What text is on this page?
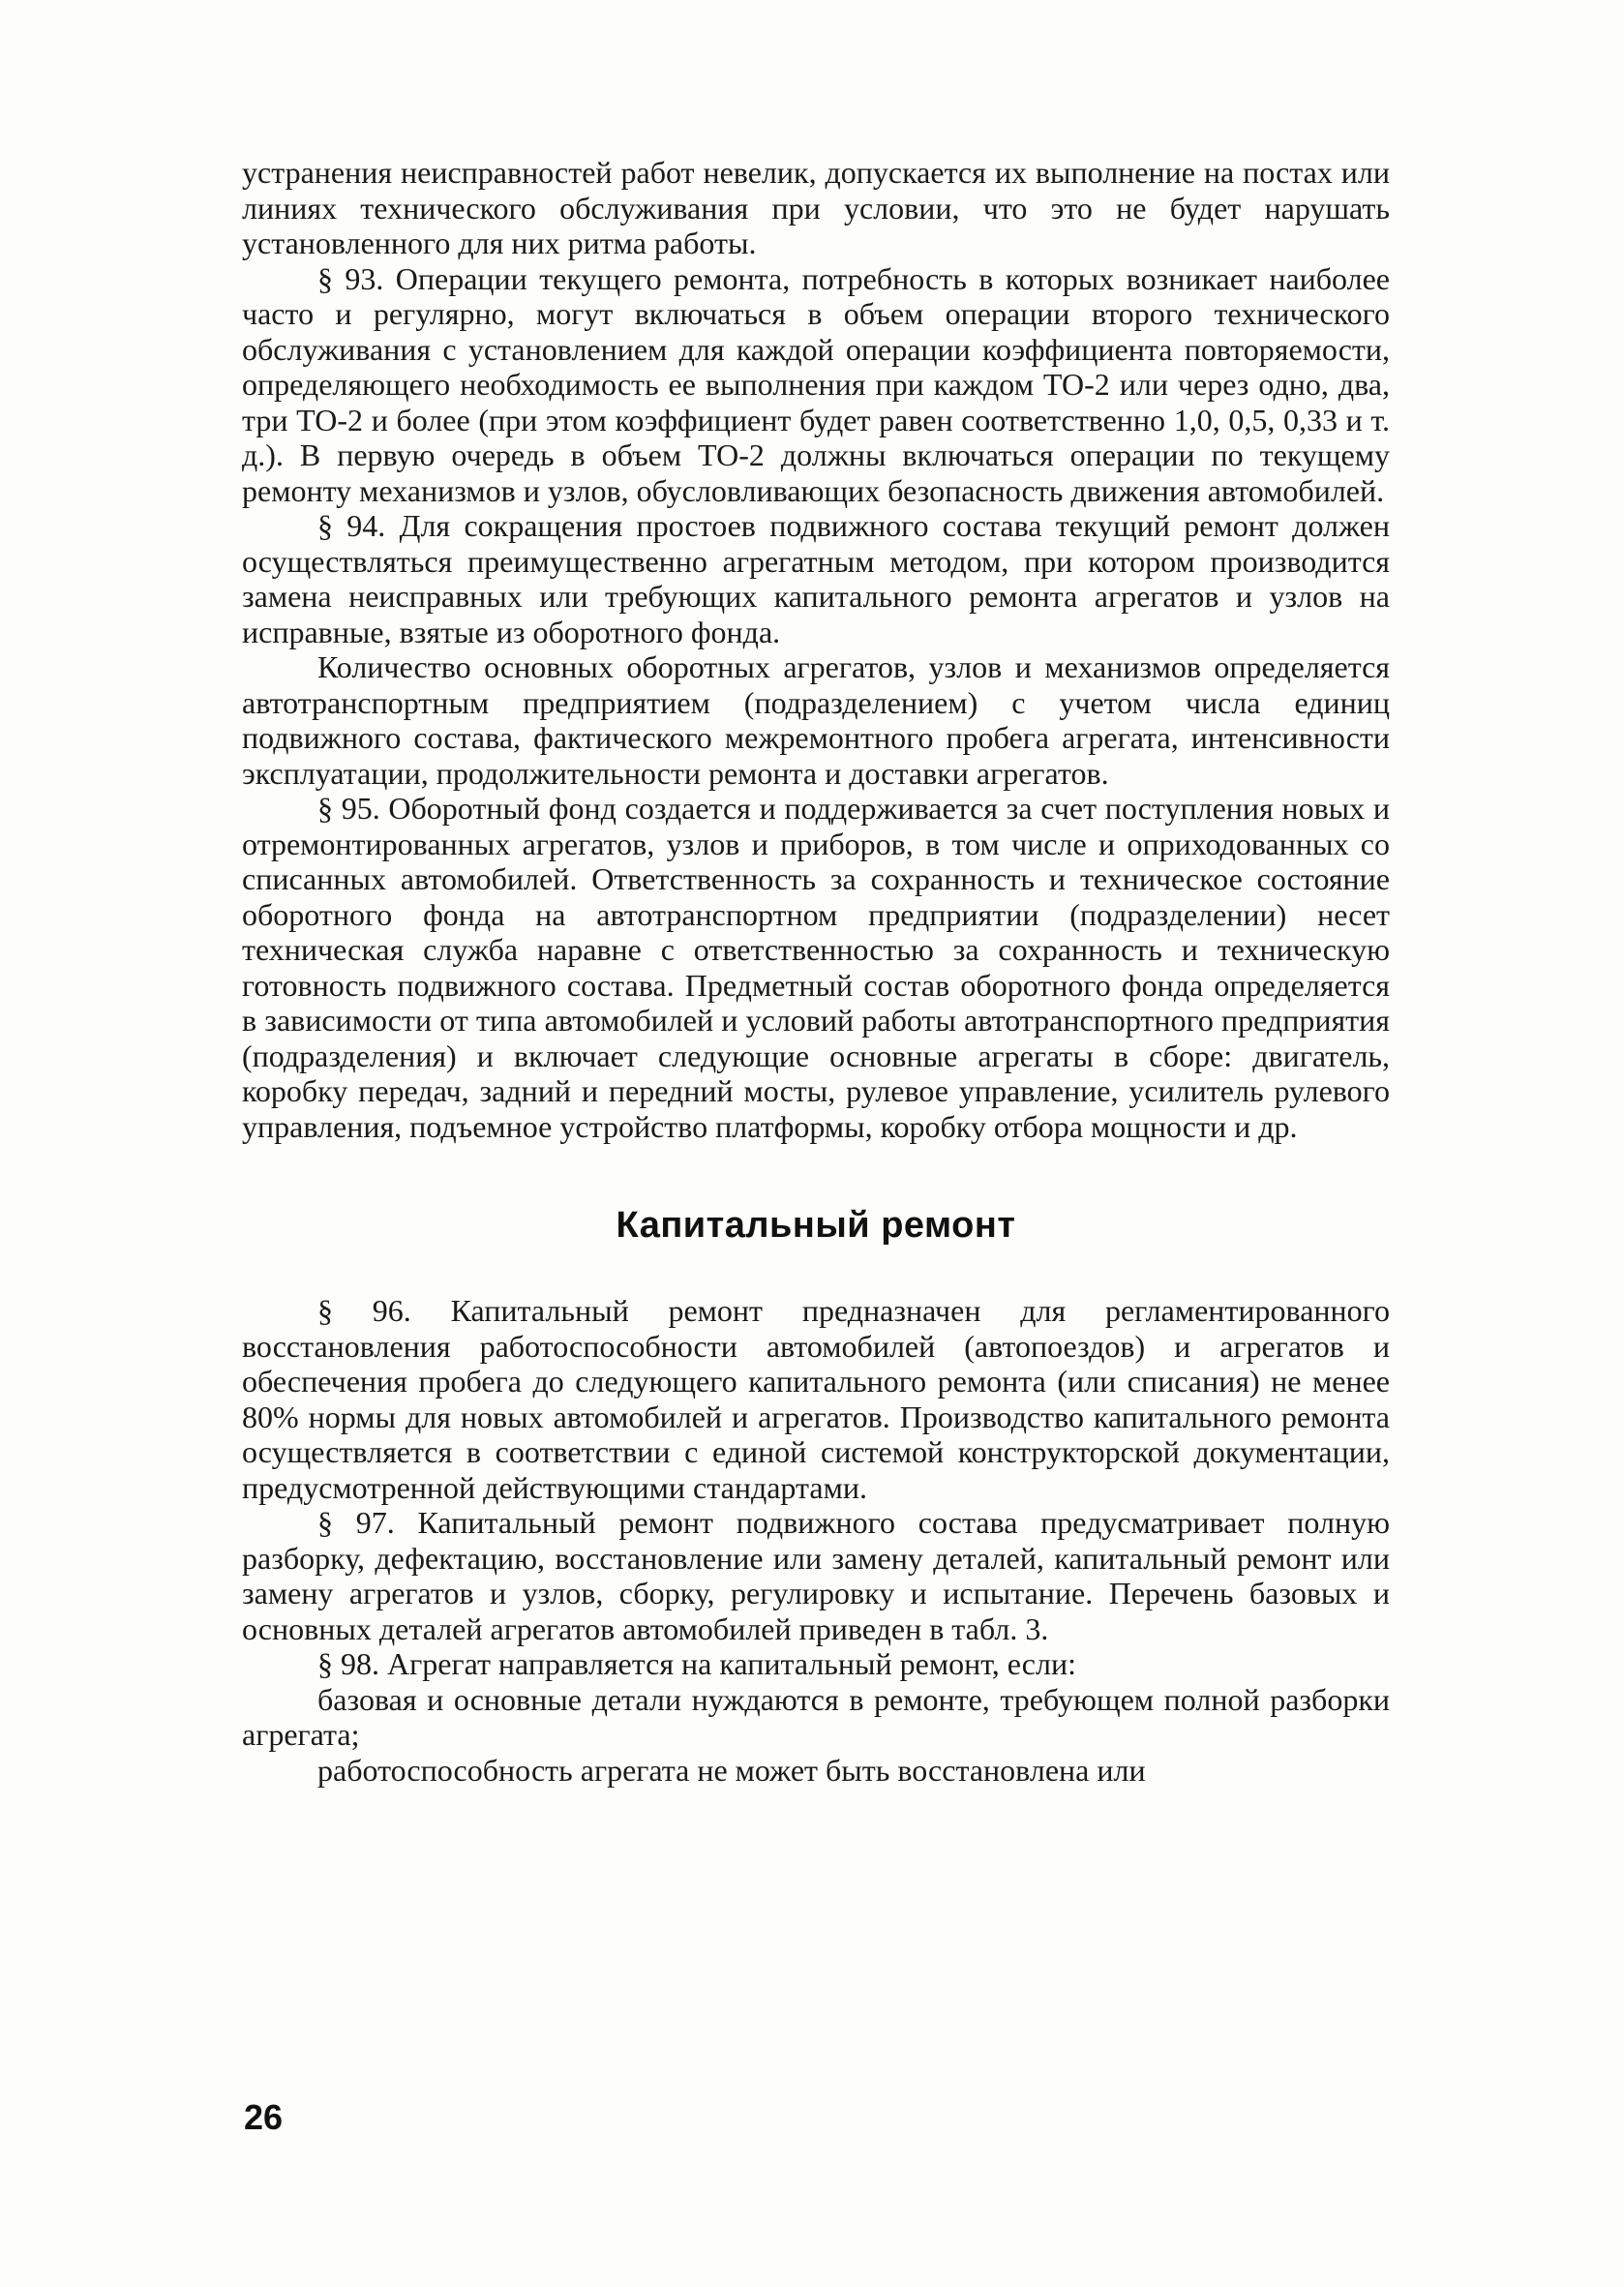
устранения неисправностей работ невелик, допускается их выполнение на постах или линиях технического обслуживания при условии, что это не будет нарушать установленного для них ритма работы.

§ 93. Операции текущего ремонта, потребность в которых возникает наиболее часто и регулярно, могут включаться в объем операции второго технического обслуживания с установлением для каждой операции коэффициента повторяемости, определяющего необходимость ее выполнения при каждом ТО-2 или через одно, два, три ТО-2 и более (при этом коэффициент будет равен соответственно 1,0, 0,5, 0,33 и т. д.). В первую очередь в объем ТО-2 должны включаться операции по текущему ремонту механизмов и узлов, обусловливающих безопасность движения автомобилей.

§ 94. Для сокращения простоев подвижного состава текущий ремонт должен осуществляться преимущественно агрегатным методом, при котором производится замена неисправных или требующих капитального ремонта агрегатов и узлов на исправные, взятые из оборотного фонда.

Количество основных оборотных агрегатов, узлов и механизмов определяется автотранспортным предприятием (подразделением) с учетом числа единиц подвижного состава, фактического межремонтного пробега агрегата, интенсивности эксплуатации, продолжительности ремонта и доставки агрегатов.

§ 95. Оборотный фонд создается и поддерживается за счет поступления новых и отремонтированных агрегатов, узлов и приборов, в том числе и оприходованных со списанных автомобилей. Ответственность за сохранность и техническое состояние оборотного фонда на автотранспортном предприятии (подразделении) несет техническая служба наравне с ответственностью за сохранность и техническую готовность подвижного состава. Предметный состав оборотного фонда определяется в зависимости от типа автомобилей и условий работы автотранспортного предприятия (подразделения) и включает следующие основные агрегаты в сборе: двигатель, коробку передач, задний и передний мосты, рулевое управление, усилитель рулевого управления, подъемное устройство платформы, коробку отбора мощности и др.

Капитальный ремонт

§ 96. Капитальный ремонт предназначен для регламентированного восстановления работоспособности автомобилей (автопоездов) и агрегатов и обеспечения пробега до следующего капитального ремонта (или списания) не менее 80% нормы для новых автомобилей и агрегатов. Производство капитального ремонта осуществляется в соответствии с единой системой конструкторской документации, предусмотренной действующими стандартами.

§ 97. Капитальный ремонт подвижного состава предусматривает полную разборку, дефектацию, восстановление или замену деталей, капитальный ремонт или замену агрегатов и узлов, сборку, регулировку и испытание. Перечень базовых и основных деталей агрегатов автомобилей приведен в табл. 3.

§ 98. Агрегат направляется на капитальный ремонт, если:

базовая и основные детали нуждаются в ремонте, требующем полной разборки агрегата;

работоспособность агрегата не может быть восстановлена или

26
